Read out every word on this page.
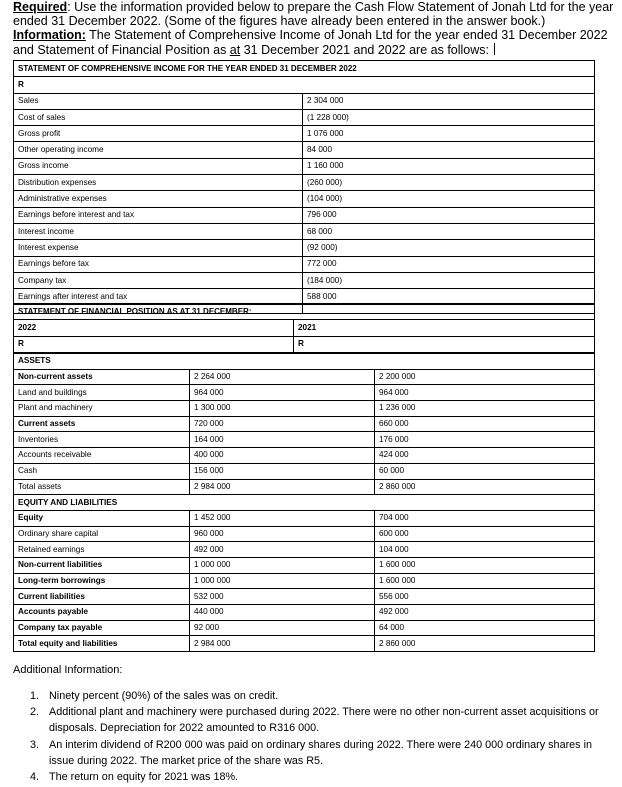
Required: Use the information provided below to prepare the Cash Flow Statement of Jonah Ltd for the year ended 31 December 2022. (Some of the figures have already been entered in the answer book.)

Information: The Statement of Comprehensive Income of Jonah Ltd for the year ended 31 December 2022 and Statement of Financial Position as at 31 December 2021 and 2022 are as follows:

STATEMENT OF COMPREHENSIVE INCOME FOR THE YEAR ENDED 31 DECEMBER 2022	
R	
Sales	2 304 000
Cost of sales	(1 228 000)
Gross profit	1 076 000
Other operating income	84 000
Gross income	1 160 000
Distribution expenses	(260 000)
Administrative expenses	(104 000)
Earnings before interest and tax	796 000
Interest income	68 000
Interest expense	(92 000)
Earnings before tax	772 000
Company tax	(184 000)
Earnings after interest and tax	588 000

STATEMENT OF FINANCIAL POSITION AS AT 31 DECEMBER:	
2022	2021
R	R
ASSETS			
Non-current assets	2 264 000	2 200 000	
Land and buildings	964 000	964 000	
Plant and machinery	1 300 000	1 236 000	
Current assets	720 000	660 000	
Inventories	164 000	176 000	
Accounts receivable	400 000	424 000	
Cash	156 000	60 000	
Total assets	2 984 000	2 860 000	
EQUITY AND LIABILITIES			
Equity	1 452 000	704 000	
Ordinary share capital	960 000	600 000	
Retained earnings	492 000	104 000	
Non-current liabilities	1 000 000	1 600 000	
Long-term borrowings	1 000 000	1 600 000	
Current liabilities	532 000	556 000	
Accounts payable	440 000	492 000	
Company tax payable	92 000	64 000	
Total equity and liabilities	2 984 000	2 860 000	
Additional Information:
1. Ninety percent (90%) of the sales was on credit.
2. Additional plant and machinery were purchased during 2022. There were no other non-current asset acquisitions or disposals. Depreciation for 2022 amounted to R316 000.
3. An interim dividend of R200 000 was paid on ordinary shares during 2022. There were 240 000 ordinary shares in issue during 2022. The market price of the share was R5.
4. The return on equity for 2021 was 18%.
